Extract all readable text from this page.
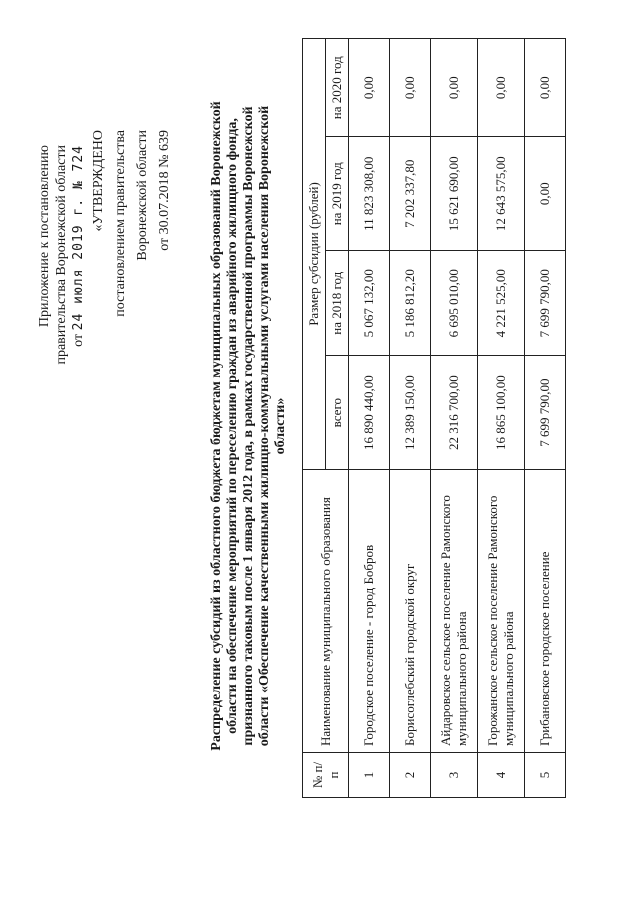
Приложение к постановлению правительства Воронежской области от 24 июля 2019 г. № 724 «УТВЕРЖДЕНО постановлением правительства Воронежской области от 30.07.2018 № 639	Распределение субсидий из областного бюджета бюджетам муниципальных образований Воронежской области на обеспечение мероприятий по переселению граждан из аварийного жилищного фонда, признанного таковым после 1 января 2012 года, в рамках государственной программы Воронежской области «Обеспечение качественными жилищно-коммунальными услугами населения Воронежской области»
№ п/п	Наименование муниципального образования	Размер субсидии (рублей)			
		всего	на 2018 год	на 2019 год	на 2020 год
1	Городское поселение - город Бобров	16 890 440,00	5 067 132,00	11 823 308,00	0,00
2	Борисоглебский городской округ	12 389 150,00	5 186 812,20	7 202 337,80	0,00
3	Айдаровское сельское поселение Рамонского муниципального района	22 316 700,00	6 695 010,00	15 621 690,00	0,00
4	Горожанское сельское поселение Рамонского муниципального района	16 865 100,00	4 221 525,00	12 643 575,00	0,00
5	Грибановское городское поселение	7 699 790,00	7 699 790,00	0,00	0,00
